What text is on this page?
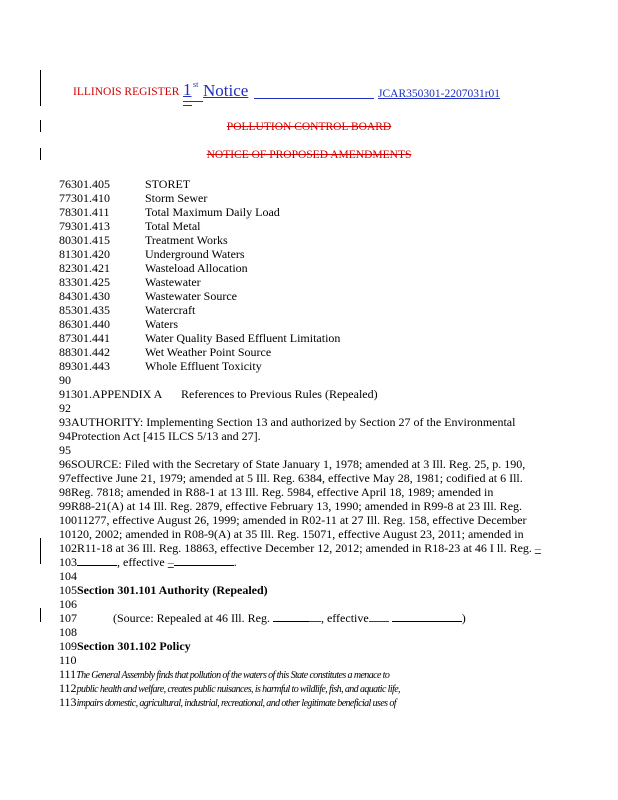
ILLINOIS REGISTER 1 st Notice	JCAR350301-2207031r01
POLLUTION CONTROL BOARD
NOTICE OF PROPOSED AMENDMENTS
76301.405	STORET
77301.410	Storm Sewer
78301.411	Total Maximum Daily Load
79301.413	Total Metal
80301.415	Treatment Works
81301.420	Underground Waters
82301.421	Wasteload Allocation
83301.425	Wastewater
84301.430	Wastewater Source
85301.435	Watercraft
86301.440	Waters
87301.441	Water Quality Based Effluent Limitation
88301.442	Wet Weather Point Source
89301.443	Whole Effluent Toxicity
90
91301.APPENDIX A References to Previous Rules (Repealed)
92
93AUTHORITY: Implementing Section 13 and authorized by Section 27 of the Environmental
94Protection Act [415 ILCS 5/13 and 27].
95
96SOURCE: Filed with the Secretary of State January 1, 1978; amended at 3 Ill. Reg. 25, p. 190,
97effective June 21, 1979; amended at 5 Ill. Reg. 6384, effective May 28, 1981; codified at 6 Ill.
98Reg. 7818; amended in R88-1 at 13 Ill. Reg. 5984, effective April 18, 1989; amended in
99R88-21(A) at 14 Ill. Reg. 2879, effective February 13, 1990; amended in R99-8 at 23 Ill. Reg.
10011277, effective August 26, 1999; amended in R02-11 at 27 Ill. Reg. 158, effective December
10120, 2002; amended in R08-9(A) at 35 Ill. Reg. 15071, effective August 23, 2011; amended in
102R11-18 at 36 Ill. Reg. 18863, effective December 12, 2012; amended in R18-23 at 46 I ll. Reg. –
103	, effective –	.
104
105Section 301.101 Authority (Repealed)
106
107	(Source: Repealed at 46 Ill. Reg.	, effective	)
108
109Section 301.102 Policy
110
111The General Assembly finds that pollution of the waters of this State constitutes a menace to
112public health and welfare, creates public nuisances, is harmful to wildlife, fish, and aquatic life,
113impairs domestic, agricultural, industrial, recreational, and other legitimate beneficial uses of
